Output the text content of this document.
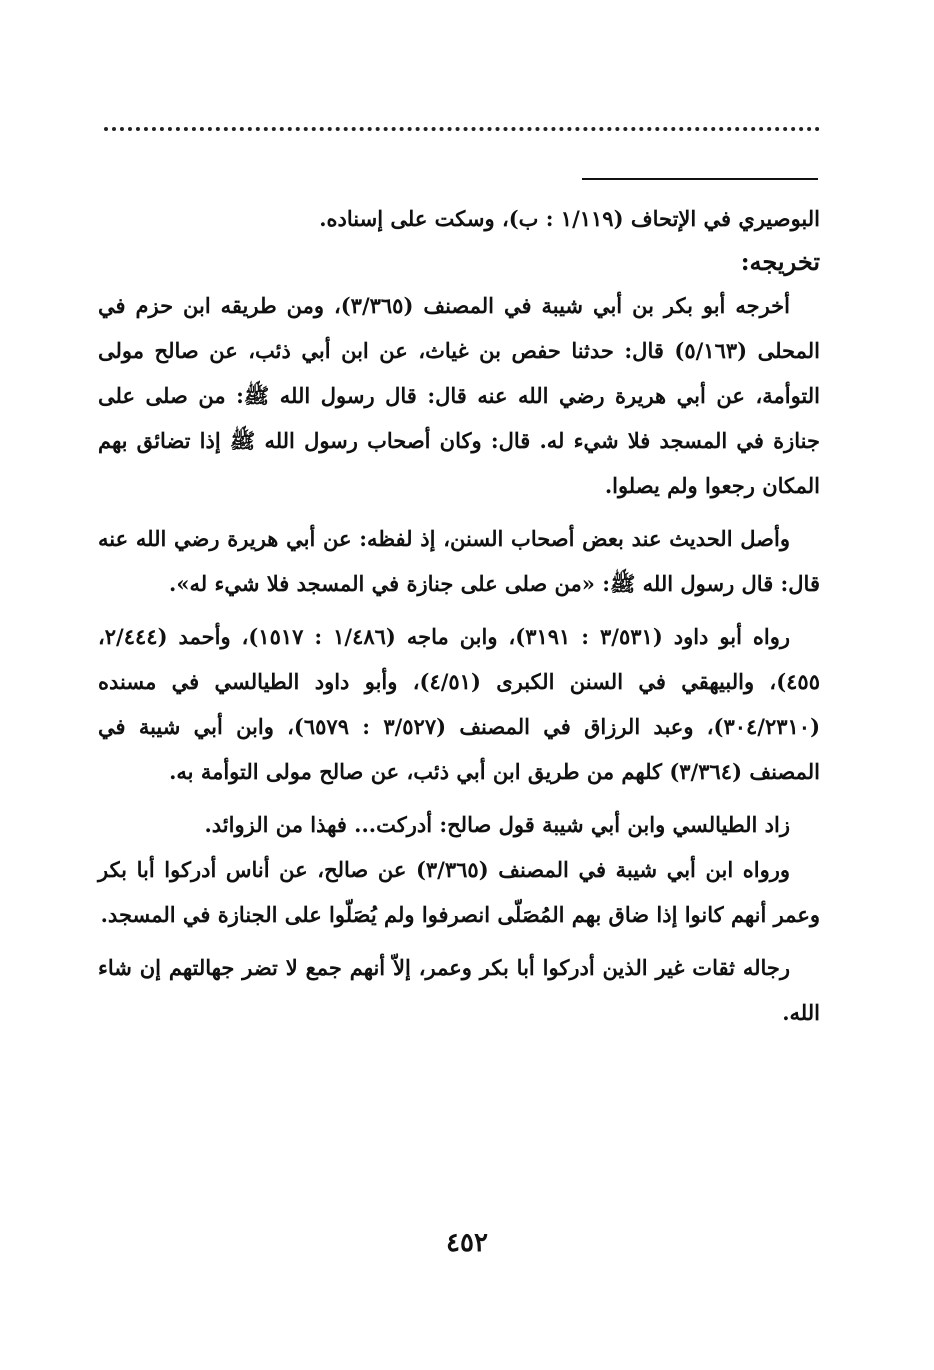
البوصيري في الإتحاف (١/١١٩ : ب)، وسكت على إسناده.

تخريجه:

أخرجه أبو بكر بن أبي شيبة في المصنف (٣/٣٦٥)، ومن طريقه ابن حزم في المحلى (٥/١٦٣) قال: حدثنا حفص بن غياث، عن ابن أبي ذئب، عن صالح مولى التوأمة، عن أبي هريرة رضي الله عنه قال: قال رسول الله ﷺ: من صلى على جنازة في المسجد فلا شيء له. قال: وكان أصحاب رسول الله ﷺ إذا تضائق بهم المكان رجعوا ولم يصلوا.

وأصل الحديث عند بعض أصحاب السنن، إذ لفظه: عن أبي هريرة رضي الله عنه قال: قال رسول الله ﷺ: «من صلى على جنازة في المسجد فلا شيء له».

رواه أبو داود (٣/٥٣١ : ٣١٩١)، وابن ماجه (١/٤٨٦ : ١٥١٧)، وأحمد (٢/٤٤٤، ٤٥٥)، والبيهقي في السنن الكبرى (٤/٥١)، وأبو داود الطيالسي في مسنده (٣٠٤/٢٣١٠)، وعبد الرزاق في المصنف (٣/٥٢٧ : ٦٥٧٩)، وابن أبي شيبة في المصنف (٣/٣٦٤) كلهم من طريق ابن أبي ذئب، عن صالح مولى التوأمة به.

زاد الطيالسي وابن أبي شيبة قول صالح: أدركت... فهذا من الزوائد.

ورواه ابن أبي شيبة في المصنف (٣/٣٦٥) عن صالح، عن أناس أدركوا أبا بكر وعمر أنهم كانوا إذا ضاق بهم المُصَلّى انصرفوا ولم يُصَلّوا على الجنازة في المسجد.

رجاله ثقات غير الذين أدركوا أبا بكر وعمر، إلاّ أنهم جمع لا تضر جهالتهم إن شاء الله.

٤٥٢
